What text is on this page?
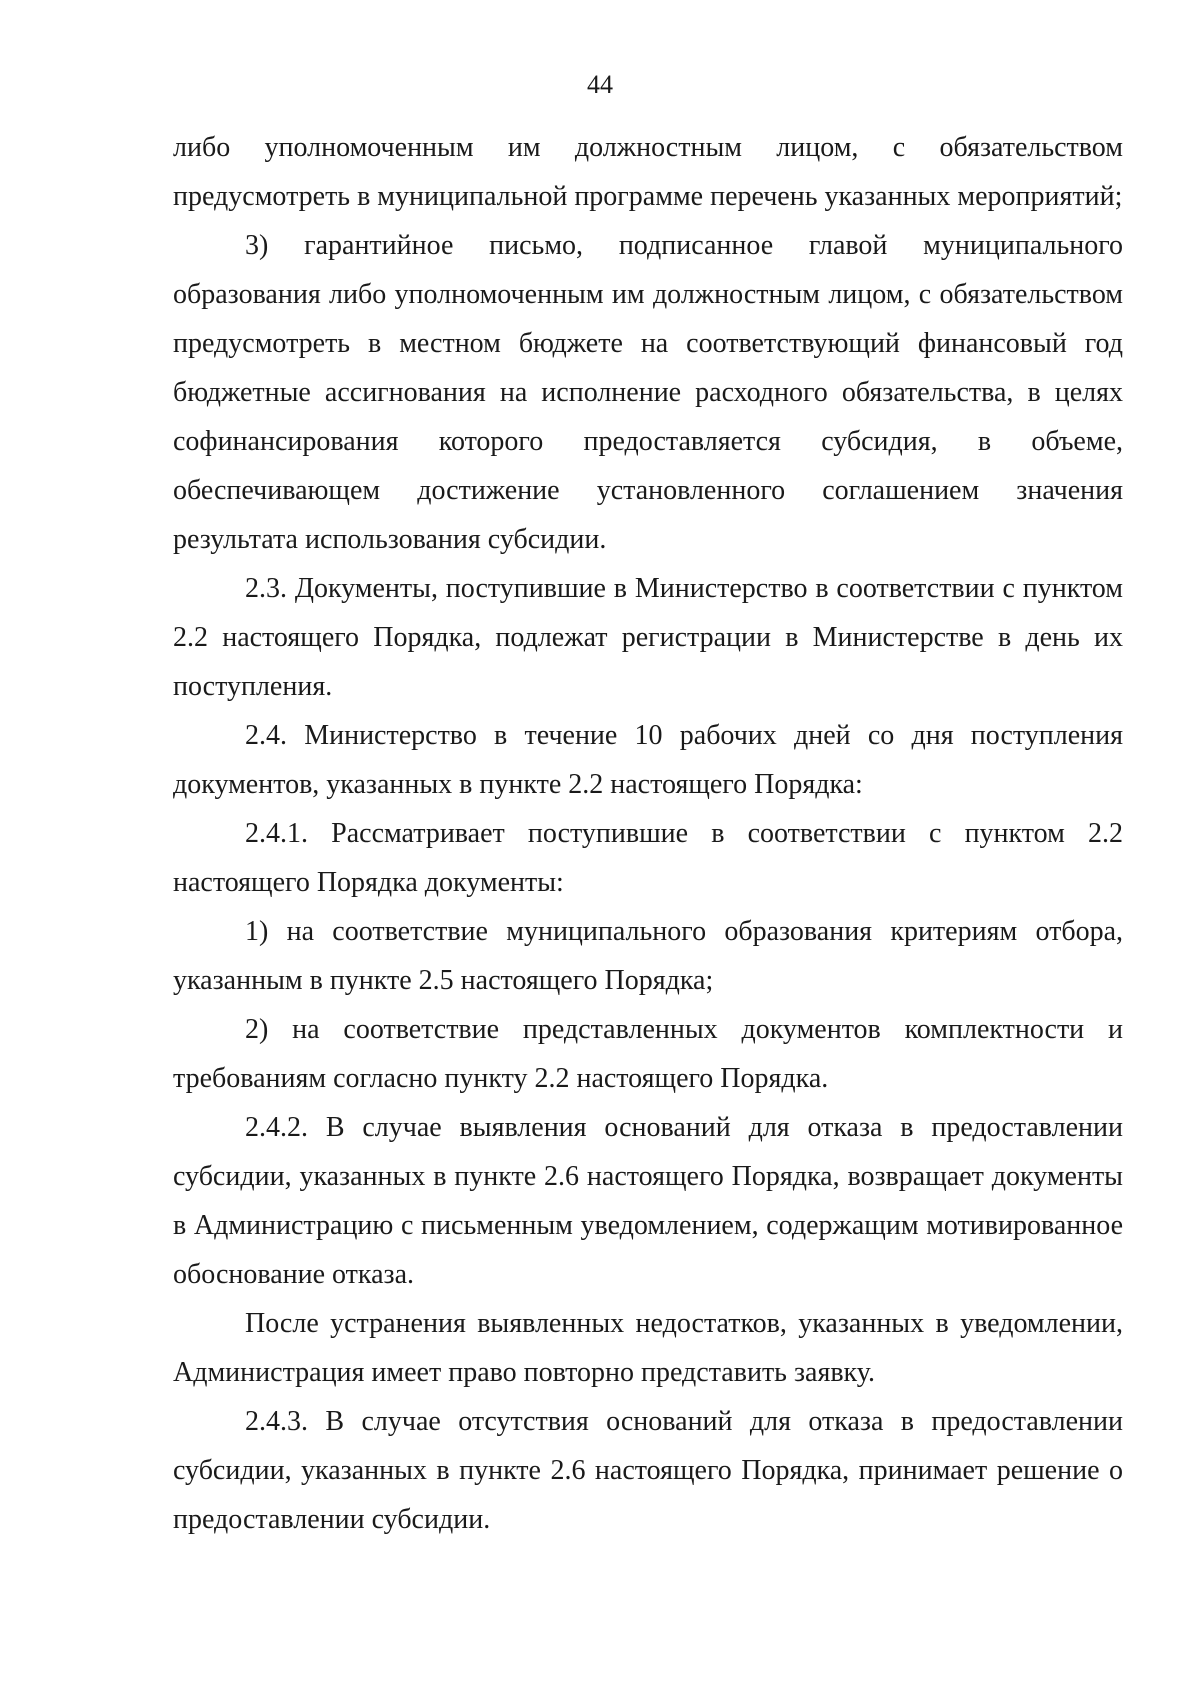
44

либо уполномоченным им должностным лицом, с обязательством предусмотреть в муниципальной программе перечень указанных мероприятий;

3) гарантийное письмо, подписанное главой муниципального образования либо уполномоченным им должностным лицом, с обязательством предусмотреть в местном бюджете на соответствующий финансовый год бюджетные ассигнования на исполнение расходного обязательства, в целях софинансирования которого предоставляется субсидия, в объеме, обеспечивающем достижение установленного соглашением значения результата использования субсидии.

2.3. Документы, поступившие в Министерство в соответствии с пунктом 2.2 настоящего Порядка, подлежат регистрации в Министерстве в день их поступления.

2.4. Министерство в течение 10 рабочих дней со дня поступления документов, указанных в пункте 2.2 настоящего Порядка:

2.4.1. Рассматривает поступившие в соответствии с пунктом 2.2 настоящего Порядка документы:

1) на соответствие муниципального образования критериям отбора, указанным в пункте 2.5 настоящего Порядка;

2) на соответствие представленных документов комплектности и требованиям согласно пункту 2.2 настоящего Порядка.

2.4.2. В случае выявления оснований для отказа в предоставлении субсидии, указанных в пункте 2.6 настоящего Порядка, возвращает документы в Администрацию с письменным уведомлением, содержащим мотивированное обоснование отказа.

После устранения выявленных недостатков, указанных в уведомлении, Администрация имеет право повторно представить заявку.

2.4.3. В случае отсутствия оснований для отказа в предоставлении субсидии, указанных в пункте 2.6 настоящего Порядка, принимает решение о предоставлении субсидии.
